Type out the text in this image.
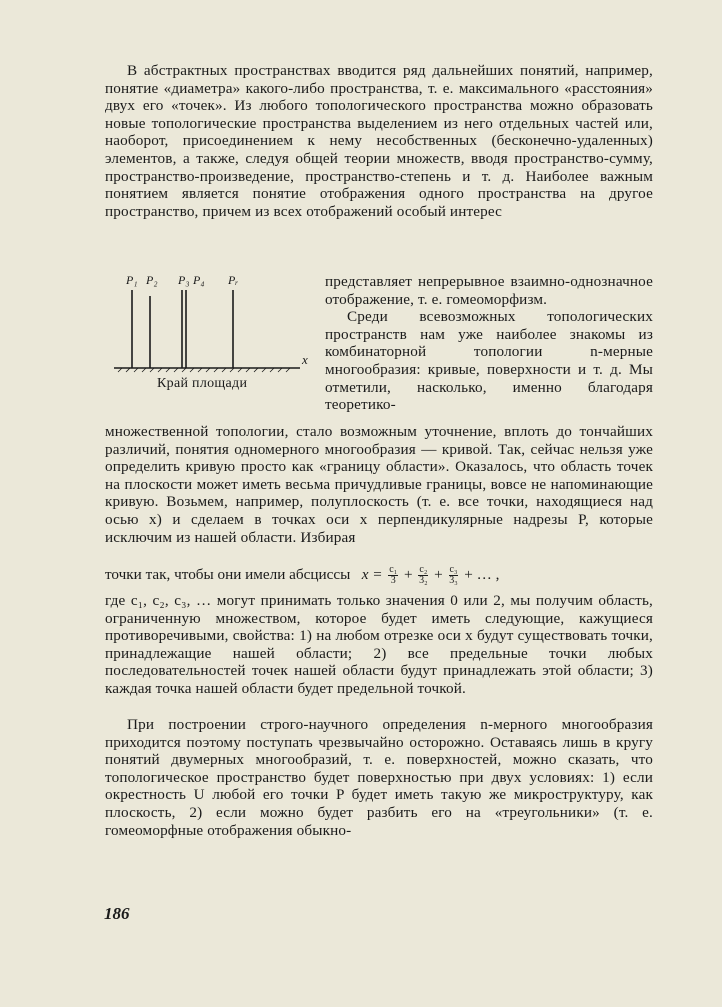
В абстрактных пространствах вводится ряд дальнейших понятий, например, понятие «диаметра» какого-либо пространства, т. е. максимального «расстояния» двух его «точек». Из любого топологического пространства можно образовать новые топологические пространства выделением из него отдельных частей или, наоборот, присоединением к нему несобственных (бесконечно-удаленных) элементов, а также, следуя общей теории множеств, вводя пространство-сумму, пространство-произведение, пространство-степень и т. д. Наиболее важным понятием является понятие отображения одного пространства на другое пространство, причем из всех отображений особый интерес

P₁ P₂ P₃ P₄ Pᵣ
x
Край площади
представляет непрерывное взаимно-однозначное отображение, т. е. гомеоморфизм.
Среди всевозможных топологических пространств нам уже наиболее знакомы из комбинаторной топологии n-мерные многообразия: кривые, поверхности и т. д. Мы отметили, насколько, именно благодаря теоретико-

множественной топологии, стало возможным уточнение, вплоть до тончайших различий, понятия одномерного многообразия — кривой. Так, сейчас нельзя уже определить кривую просто как «границу области». Оказалось, что область точек на плоскости может иметь весьма причудливые границы, вовсе не напоминающие кривую. Возьмем, например, полуплоскость (т. е. все точки, находящиеся над осью x) и сделаем в точках оси x перпендикулярные надрезы P, которые исключим из нашей области. Избирая

точки так, чтобы они имели абсциссы $x = \frac{\text{c₁}}{3} + \frac{\text{c₂}}{\text{3₂}} + \frac{\text{c₃}}{\text{3₃}}$ + … ,

где c₁, c₂, c₃, … могут принимать только значения 0 или 2, мы получим область, ограниченную множеством, которое будет иметь следующие, кажущиеся противоречивыми, свойства: 1) на любом отрезке оси x будут существовать точки, принадлежащие нашей области; 2) все предельные точки любых последовательностей точек нашей области будут принадлежать этой области; 3) каждая точка нашей области будет предельной точкой.

При построении строго-научного определения n-мерного многообразия приходится поэтому поступать чрезвычайно осторожно. Оставаясь лишь в кругу понятий двумерных многообразий, т. е. поверхностей, можно сказать, что топологическое пространство будет поверхностью при двух условиях: 1) если окрестность U любой его точки P будет иметь такую же микроструктуру, как плоскость, 2) если можно будет разбить его на «треугольники» (т. е. гомеоморфные отображения обыкно-

186
